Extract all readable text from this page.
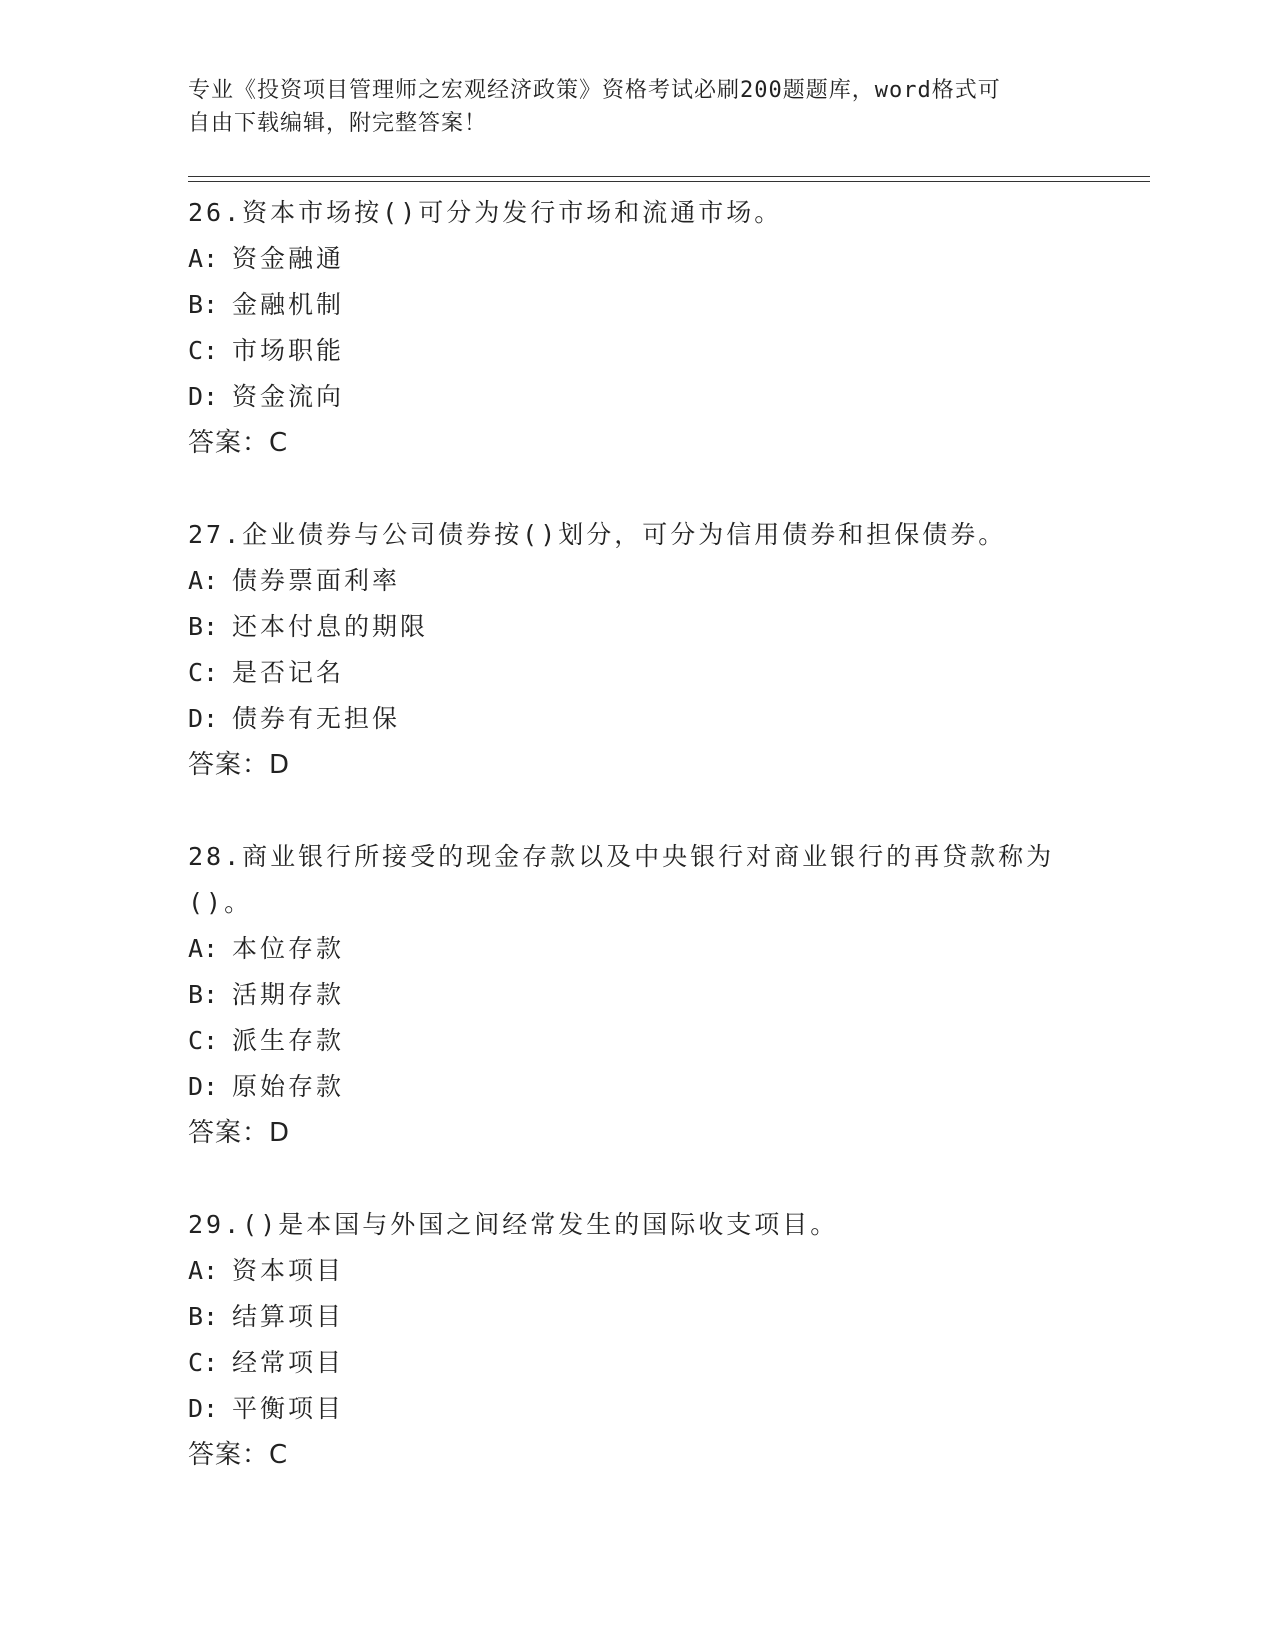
专业《投资项目管理师之宏观经济政策》资格考试必刷200题题库，word格式可
自由下载编辑，附完整答案！

26.资本市场按()可分为发行市场和流通市场。

A: 资金融通

B: 金融机制

C: 市场职能

D: 资金流向

答案：C

27.企业债券与公司债券按()划分，可分为信用债券和担保债券。

A: 债券票面利率

B: 还本付息的期限

C: 是否记名

D: 债券有无担保

答案：D

28.商业银行所接受的现金存款以及中央银行对商业银行的再贷款称为()。

A: 本位存款

B: 活期存款

C: 派生存款

D: 原始存款

答案：D

29.()是本国与外国之间经常发生的国际收支项目。

A: 资本项目

B: 结算项目

C: 经常项目

D: 平衡项目

答案：C
